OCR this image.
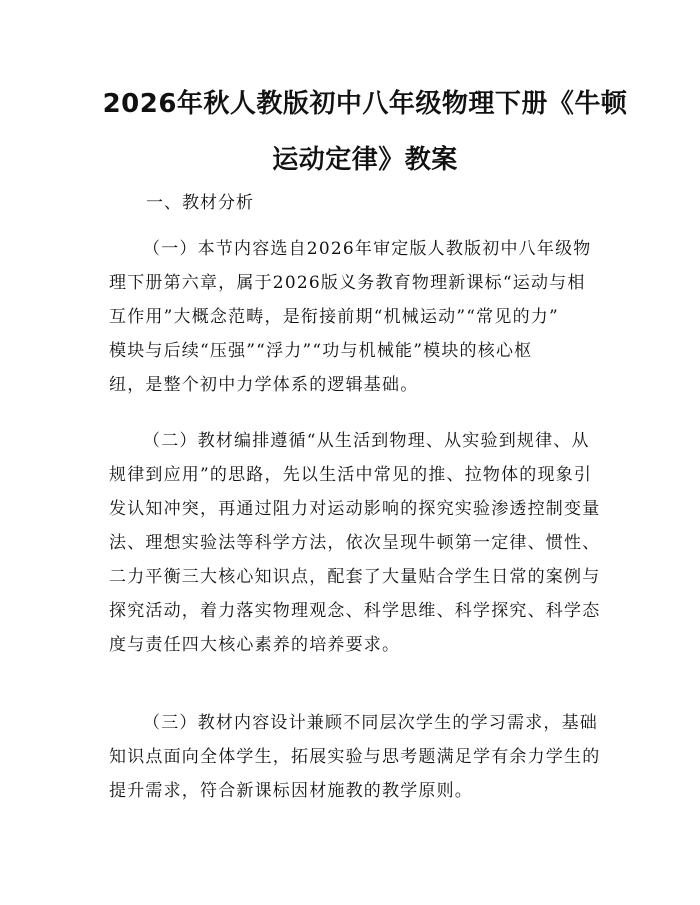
2026年秋人教版初中八年级物理下册《牛顿
运动定律》教案
一、教材分析
（一）本节内容选自2026年审定版人教版初中八年级物
理下册第六章，属于2026版义务教育物理新课标“运动与相
互作用”大概念范畴，是衔接前期“机械运动”“常见的力”
模块与后续“压强”“浮力”“功与机械能”模块的核心枢
纽，是整个初中力学体系的逻辑基础。
（二）教材编排遵循“从生活到物理、从实验到规律、从
规律到应用”的思路，先以生活中常见的推、拉物体的现象引
发认知冲突，再通过阻力对运动影响的探究实验渗透控制变量
法、理想实验法等科学方法，依次呈现牛顿第一定律、惯性、
二力平衡三大核心知识点，配套了大量贴合学生日常的案例与
探究活动，着力落实物理观念、科学思维、科学探究、科学态
度与责任四大核心素养的培养要求。
（三）教材内容设计兼顾不同层次学生的学习需求，基础
知识点面向全体学生，拓展实验与思考题满足学有余力学生的
提升需求，符合新课标因材施教的教学原则。
